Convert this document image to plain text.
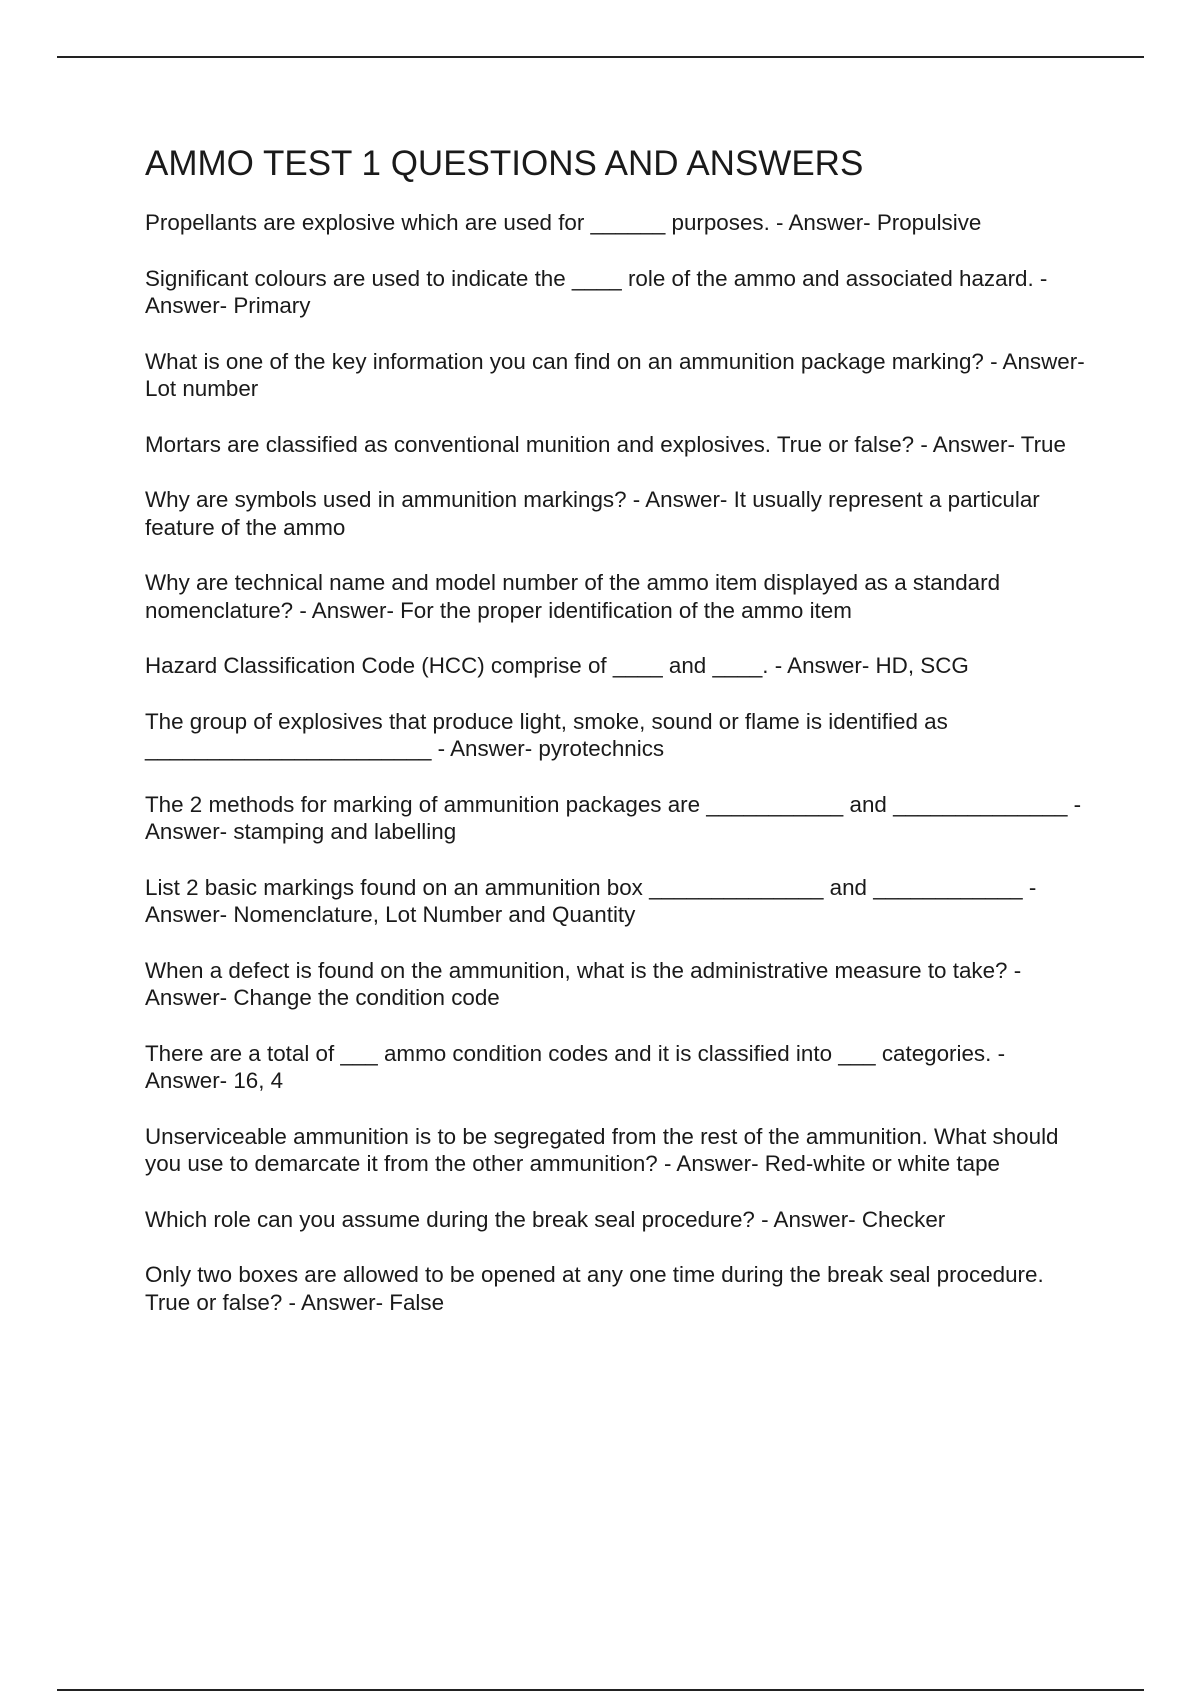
AMMO TEST 1 QUESTIONS AND ANSWERS

Propellants are explosive which are used for ______ purposes. - Answer- Propulsive

Significant colours are used to indicate the ____ role of the ammo and associated hazard. - Answer- Primary

What is one of the key information you can find on an ammunition package marking? - Answer- Lot number

Mortars are classified as conventional munition and explosives. True or false? - Answer- True

Why are symbols used in ammunition markings? - Answer- It usually represent a particular feature of the ammo

Why are technical name and model number of the ammo item displayed as a standard nomenclature? - Answer- For the proper identification of the ammo item

Hazard Classification Code (HCC) comprise of ____ and ____. - Answer- HD, SCG

The group of explosives that produce light, smoke, sound or flame is identified as _______________________ - Answer- pyrotechnics

The 2 methods for marking of ammunition packages are ___________ and ______________ - Answer- stamping and labelling

List 2 basic markings found on an ammunition box ______________ and ____________ - Answer- Nomenclature, Lot Number and Quantity

When a defect is found on the ammunition, what is the administrative measure to take? - Answer- Change the condition code

There are a total of ___ ammo condition codes and it is classified into ___ categories. - Answer- 16, 4

Unserviceable ammunition is to be segregated from the rest of the ammunition. What should you use to demarcate it from the other ammunition? - Answer- Red-white or white tape

Which role can you assume during the break seal procedure? - Answer- Checker

Only two boxes are allowed to be opened at any one time during the break seal procedure. True or false? - Answer- False
